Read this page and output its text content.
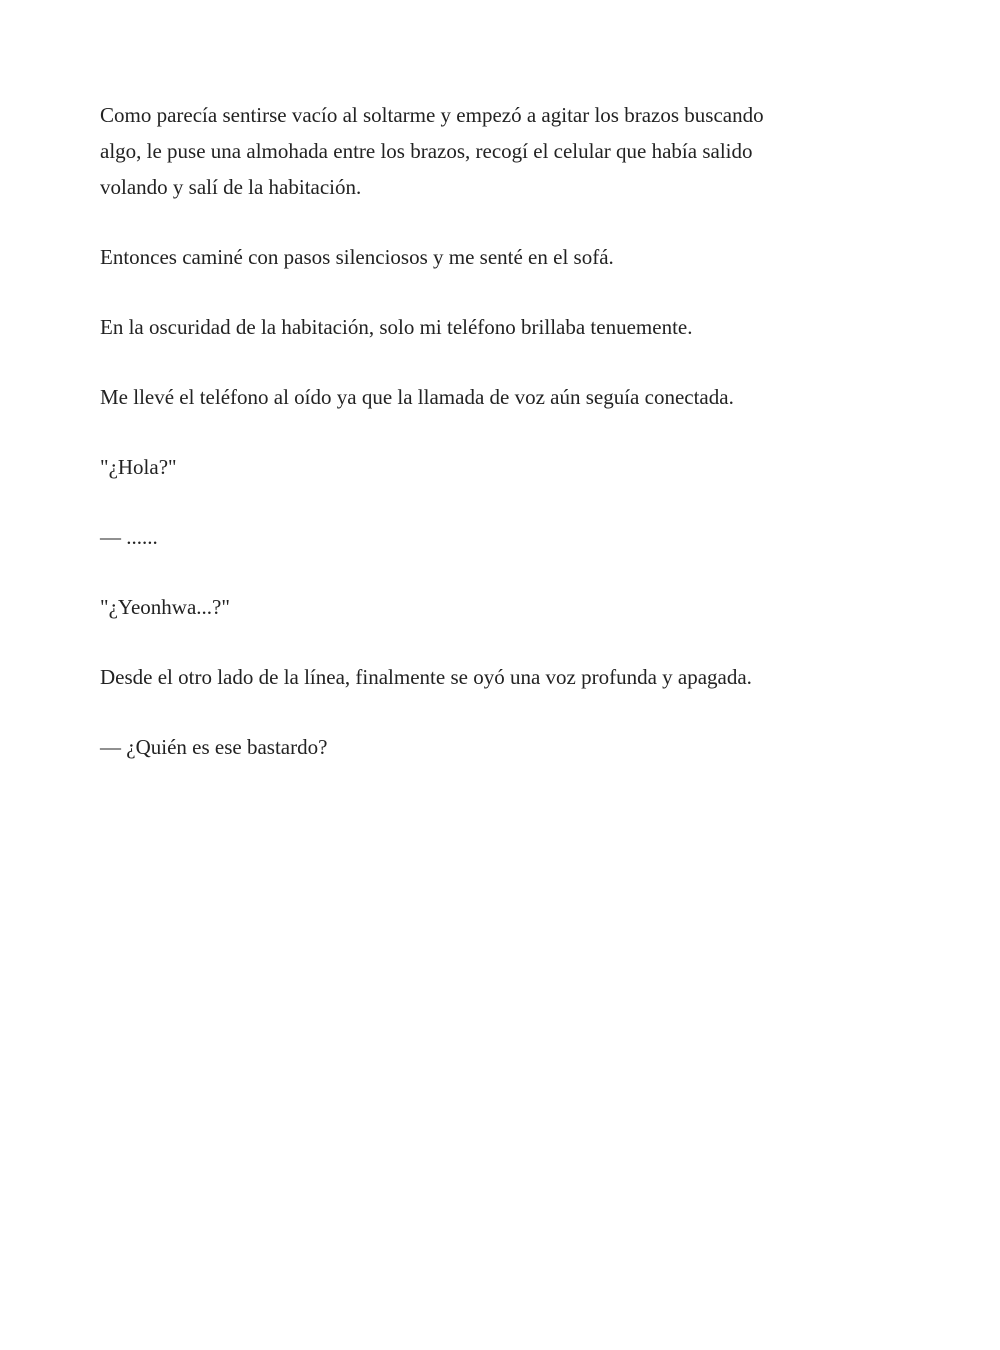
Como parecía sentirse vacío al soltarme y empezó a agitar los brazos buscando
algo, le puse una almohada entre los brazos, recogí el celular que había salido
volando y salí de la habitación.

Entonces caminé con pasos silenciosos y me senté en el sofá.

En la oscuridad de la habitación, solo mi teléfono brillaba tenuemente.

Me llevé el teléfono al oído ya que la llamada de voz aún seguía conectada.

"¿Hola?"

— ......

"¿Yeonhwa...?"

Desde el otro lado de la línea, finalmente se oyó una voz profunda y apagada.

— ¿Quién es ese bastardo?
